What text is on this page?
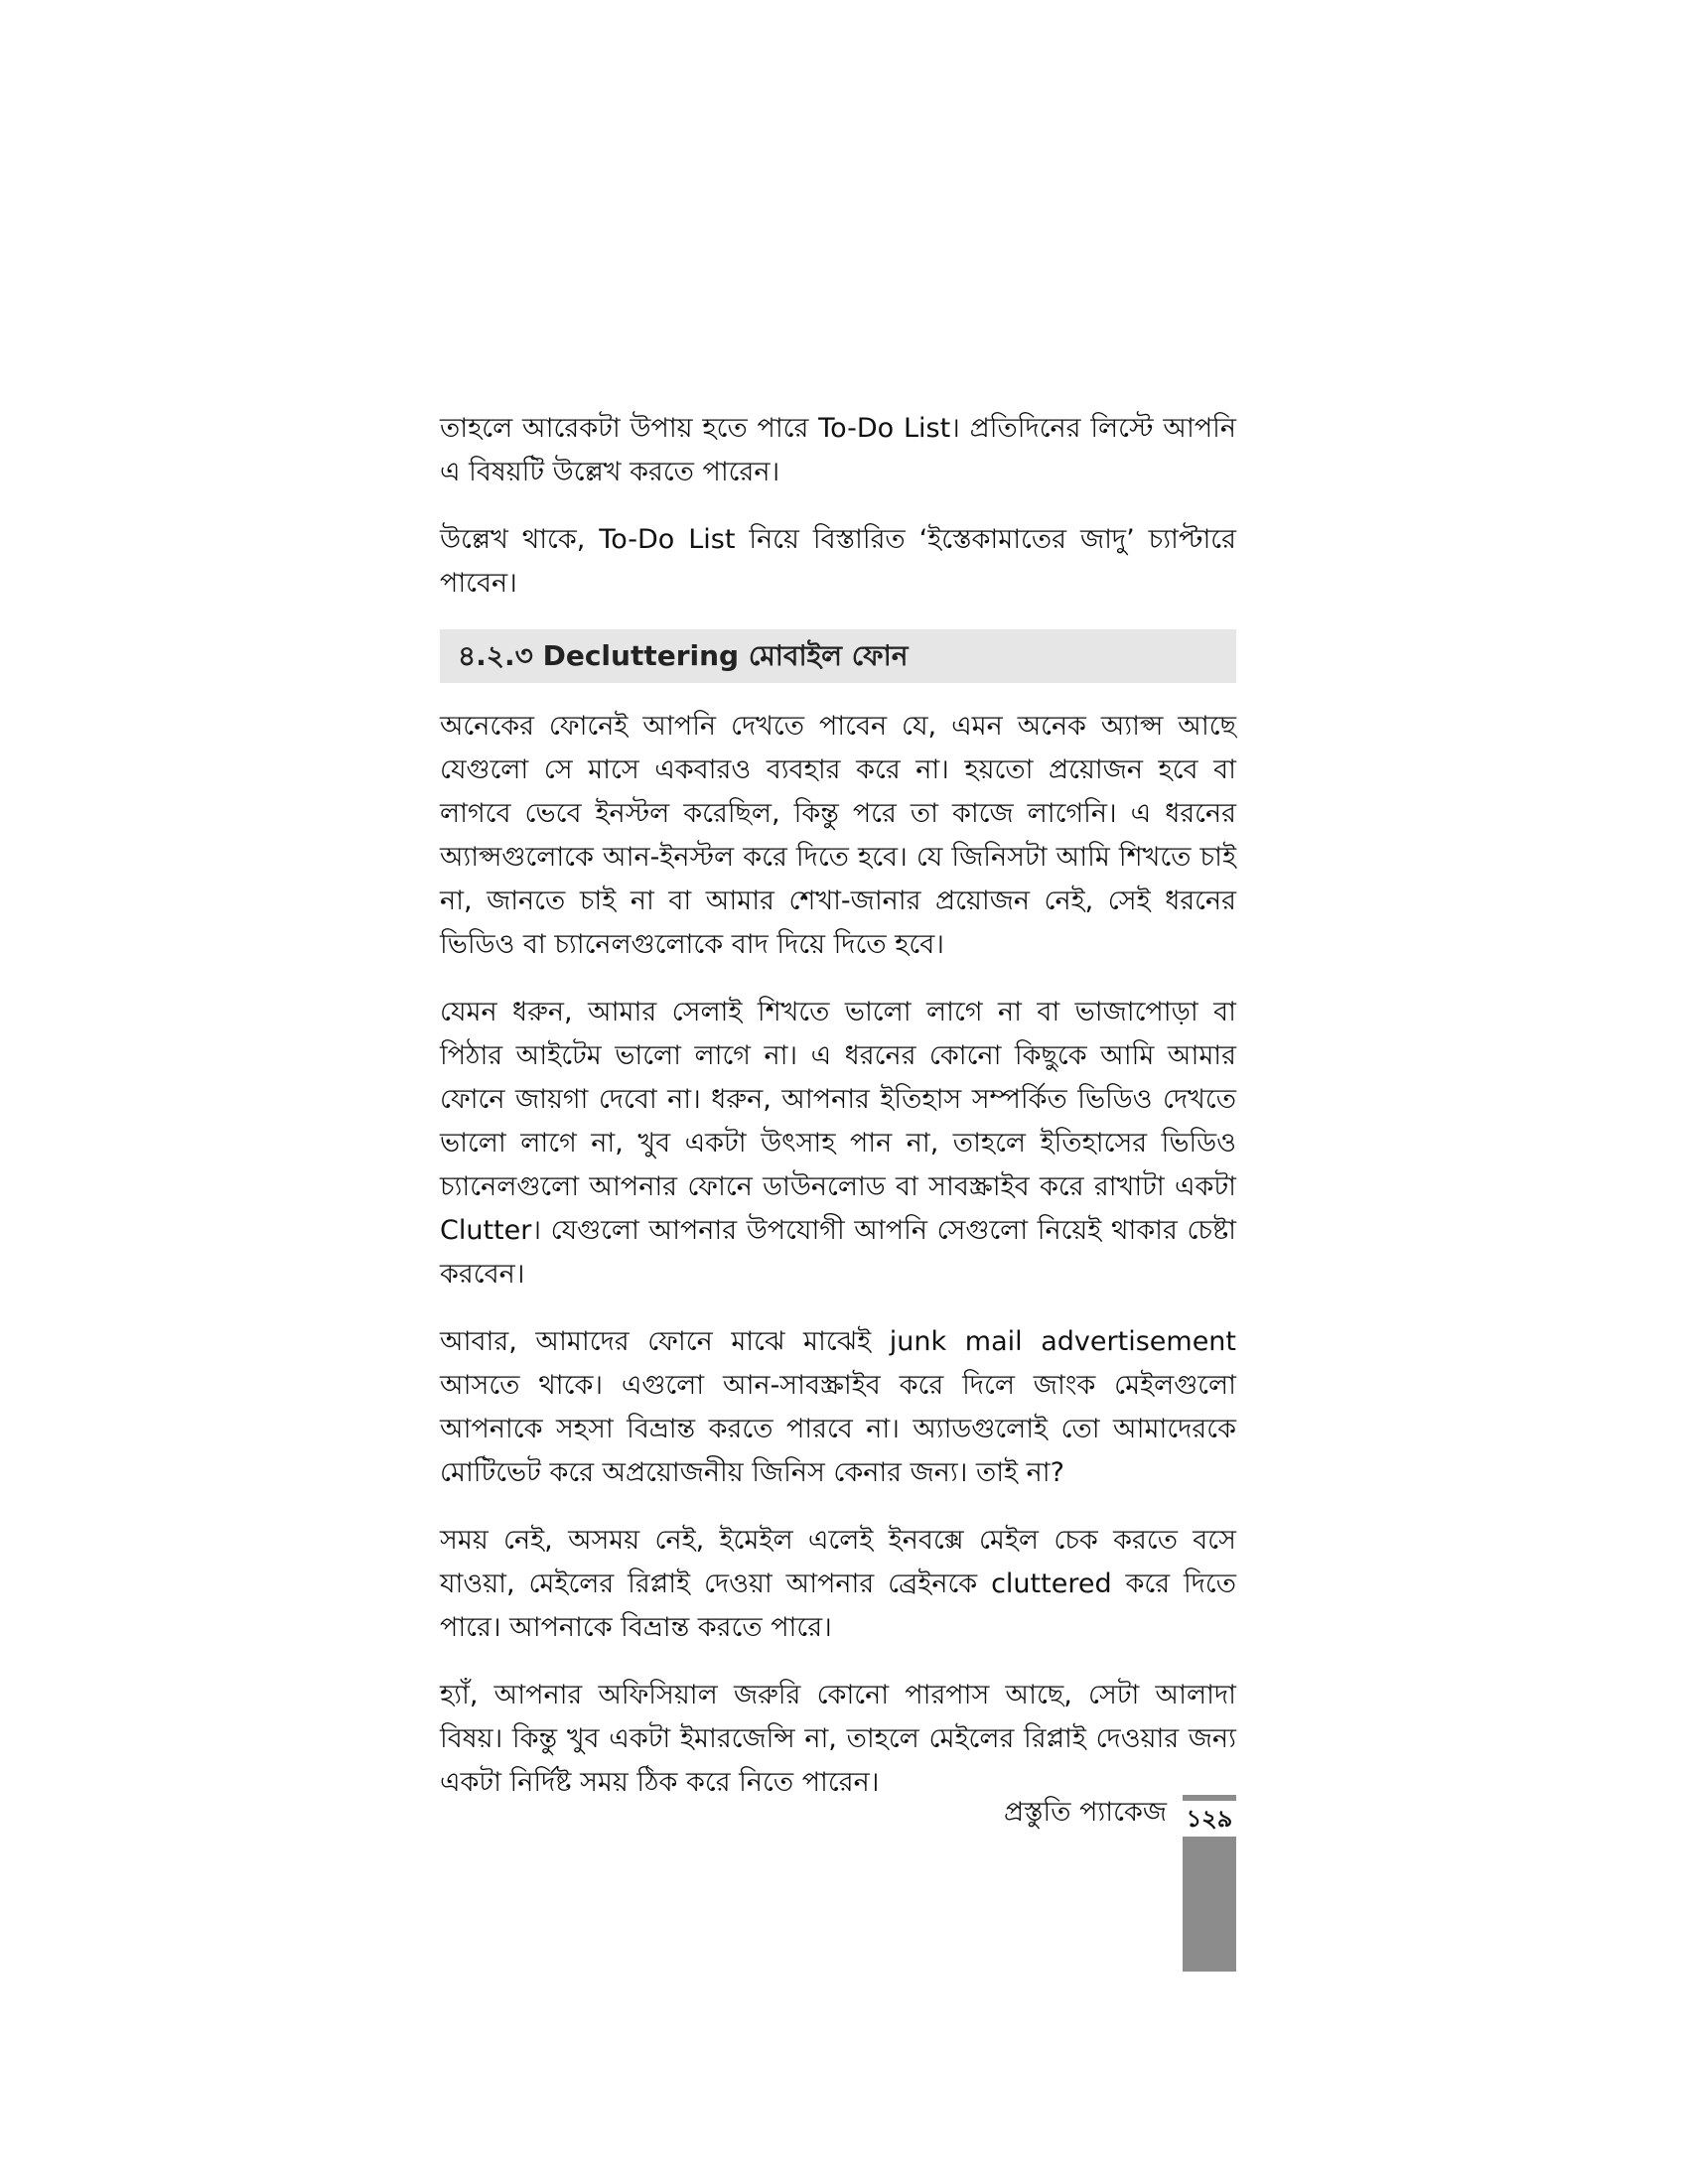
তাহলে আরেকটা উপায় হতে পারে To-Do List। প্রতিদিনের লিস্টে আপনি এ বিষয়টি উল্লেখ করতে পারেন।

উল্লেখ থাকে, To-Do List নিয়ে বিস্তারিত ‘ইস্তেকামাতের জাদু’ চ্যাপ্টারে পাবেন।

৪.২.৩ Decluttering মোবাইল ফোন

অনেকের ফোনেই আপনি দেখতে পাবেন যে, এমন অনেক অ্যাপ্স আছে যেগুলো সে মাসে একবারও ব্যবহার করে না। হয়তো প্রয়োজন হবে বা লাগবে ভেবে ইনস্টল করেছিল, কিন্তু পরে তা কাজে লাগেনি। এ ধরনের অ্যাপ্সগুলোকে আন-ইনস্টল করে দিতে হবে। যে জিনিসটা আমি শিখতে চাই না, জানতে চাই না বা আমার শেখা-জানার প্রয়োজন নেই, সেই ধরনের ভিডিও বা চ্যানেলগুলোকে বাদ দিয়ে দিতে হবে।

যেমন ধরুন, আমার সেলাই শিখতে ভালো লাগে না বা ভাজাপোড়া বা পিঠার আইটেম ভালো লাগে না। এ ধরনের কোনো কিছুকে আমি আমার ফোনে জায়গা দেবো না। ধরুন, আপনার ইতিহাস সম্পর্কিত ভিডিও দেখতে ভালো লাগে না, খুব একটা উৎসাহ পান না, তাহলে ইতিহাসের ভিডিও চ্যানেলগুলো আপনার ফোনে ডাউনলোড বা সাবস্ক্রাইব করে রাখাটা একটা Clutter। যেগুলো আপনার উপযোগী আপনি সেগুলো নিয়েই থাকার চেষ্টা করবেন।

আবার, আমাদের ফোনে মাঝে মাঝেই junk mail advertisement আসতে থাকে। এগুলো আন-সাবস্ক্রাইব করে দিলে জাংক মেইলগুলো আপনাকে সহসা বিভ্রান্ত করতে পারবে না। অ্যাডগুলোই তো আমাদেরকে মোটিভেট করে অপ্রয়োজনীয় জিনিস কেনার জন্য। তাই না?

সময় নেই, অসময় নেই, ইমেইল এলেই ইনবক্সে মেইল চেক করতে বসে যাওয়া, মেইলের রিপ্লাই দেওয়া আপনার ব্রেইনকে cluttered করে দিতে পারে। আপনাকে বিভ্রান্ত করতে পারে।

হ্যাঁ, আপনার অফিসিয়াল জরুরি কোনো পারপাস আছে, সেটা আলাদা বিষয়। কিন্তু খুব একটা ইমারজেন্সি না, তাহলে মেইলের রিপ্লাই দেওয়ার জন্য একটা নির্দিষ্ট সময় ঠিক করে নিতে পারেন।

প্রস্তুতি প্যাকেজ ১২৯
